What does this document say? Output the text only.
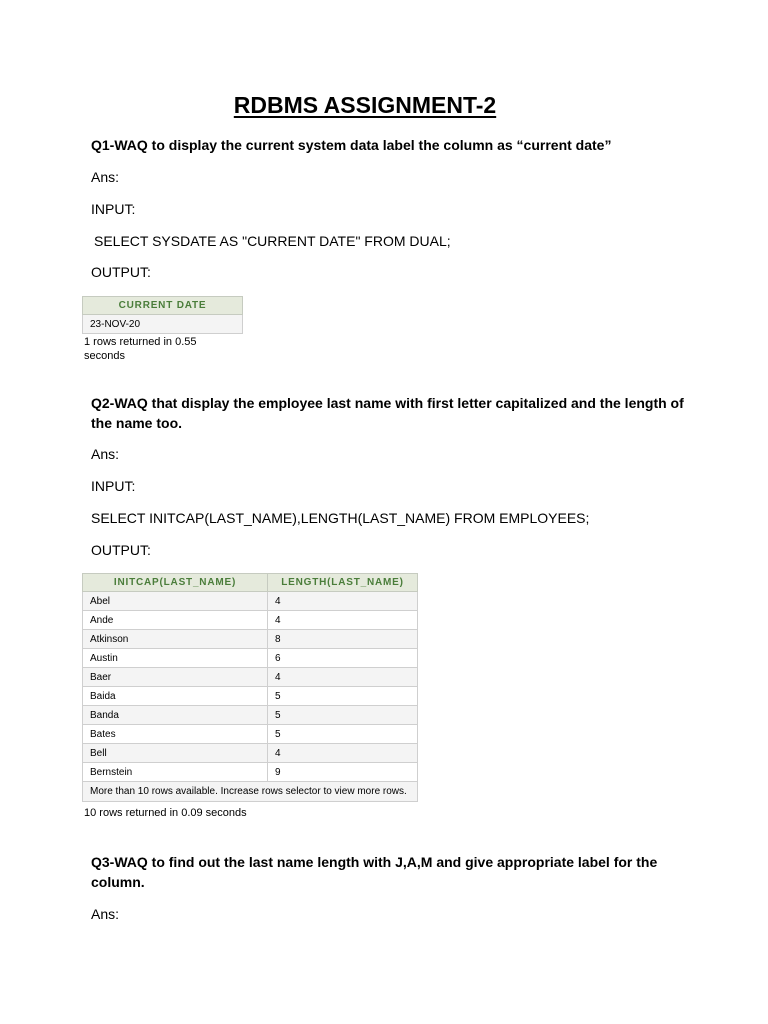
RDBMS ASSIGNMENT-2

Q1-WAQ to display the current system data label the column as “current date”

Ans:

INPUT:

SELECT SYSDATE AS "CURRENT DATE" FROM DUAL;

OUTPUT:

CURRENT DATE
23-NOV-20
1 rows returned in 0.55
seconds

Q2-WAQ that display the employee last name with first letter capitalized and the length of the name too.

Ans:

INPUT:

SELECT INITCAP(LAST_NAME),LENGTH(LAST_NAME) FROM EMPLOYEES;

OUTPUT:

INITCAP(LAST_NAME)	LENGTH(LAST_NAME)
Abel	4
Ande	4
Atkinson	8
Austin	6
Baer	4
Baida	5
Banda	5
Bates	5
Bell	4
Bernstein	9
More than 10 rows available. Increase rows selector to view more rows.	

10 rows returned in 0.09 seconds

Q3-WAQ to find out the last name length with J,A,M and give appropriate label for the column.

Ans:
